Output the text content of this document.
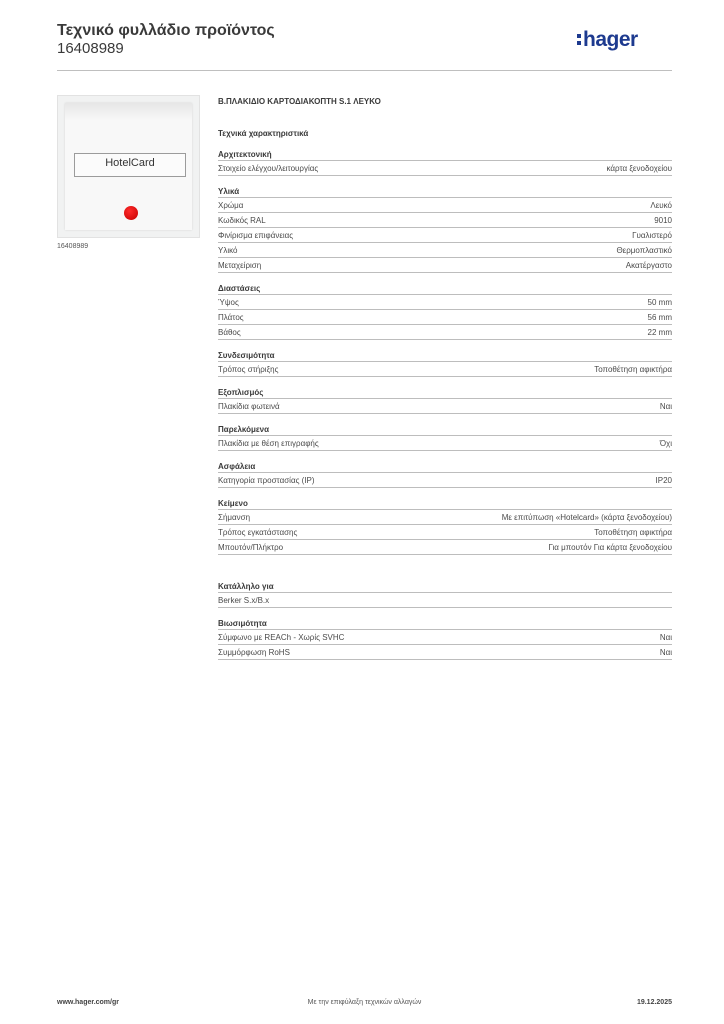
Τεχνικό φυλλάδιο προϊόντος
16408989	hager
HotelCard
16408989
B.ΠΛΑΚΙΔΙΟ ΚΑΡΤΟΔΙΑΚΟΠΤΗ S.1 ΛΕΥΚΟ
Τεχνικά χαρακτηριστικά
Αρχιτεκτονική
Στοιχείο ελέγχου/λειτουργίας	κάρτα ξενοδοχείου
Υλικά
Χρώμα	Λευκό
Κωδικός RAL	9010
Φινίρισμα επιφάνειας	Γυαλιστερό
Υλικό	Θερμοπλαστικό
Μεταχείριση	Ακατέργαστο
Διαστάσεις
Ύψος	50 mm
Πλάτος	56 mm
Βάθος	22 mm
Συνδεσιμότητα
Τρόπος στήριξης	Τοποθέτηση αφικτήρα
Εξοπλισμός
Πλακίδια φωτεινά	Ναι
Παρελκόμενα
Πλακίδια με θέση επιγραφής	Όχι
Ασφάλεια
Κατηγορία προστασίας (IP)	IP20
Κείμενο
Σήμανση	Με επιτύπωση «Hotelcard» (κάρτα ξενοδοχείου)
Τρόπος εγκατάστασης	Τοποθέτηση αφικτήρα
Μπουτόν/Πλήκτρο	Για μπουτόν Για κάρτα ξενοδοχείου
Κατάλληλο για
Berker S.x/B.x
Βιωσιμότητα
Σύμφωνο με REACh - Χωρίς SVHC	Ναι
Συμμόρφωση RoHS	Ναι
www.hager.com/gr	Με την επιφύλαξη τεχνικών αλλαγών	19.12.2025
